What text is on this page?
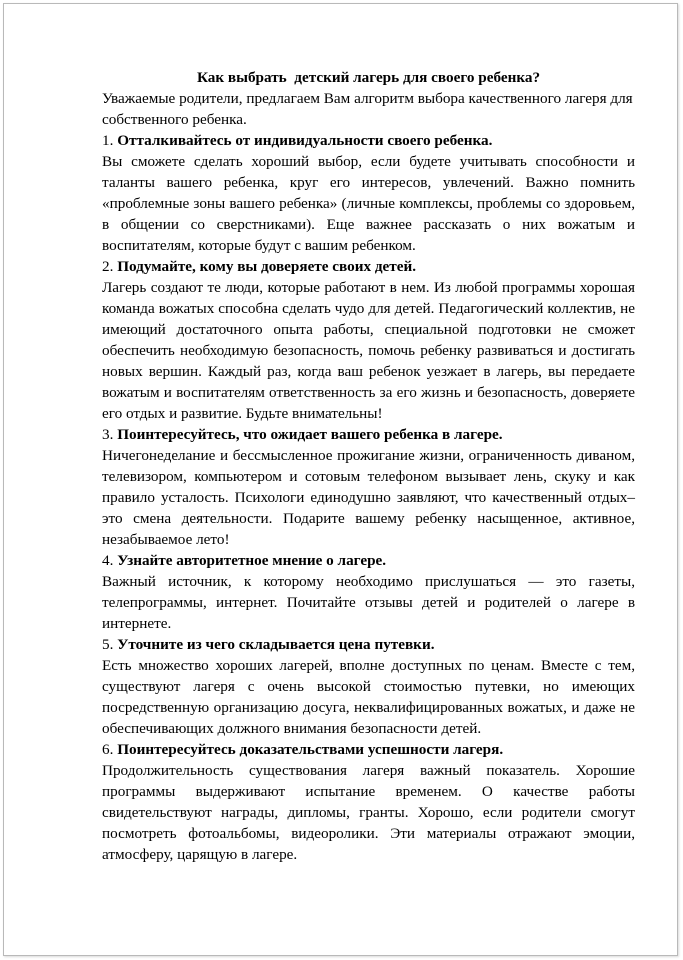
Как выбрать  детский лагерь для своего ребенка?

Уважаемые родители, предлагаем Вам алгоритм выбора качественного лагеря для собственного ребенка.

1. Отталкивайтесь от индивидуальности своего ребенка.

Вы сможете сделать хороший выбор, если будете учитывать способности и таланты вашего ребенка, круг его интересов, увлечений. Важно помнить «проблемные зоны вашего ребенка» (личные комплексы, проблемы со здоровьем, в общении со сверстниками). Еще важнее рассказать о них вожатым и воспитателям, которые будут с вашим ребенком.

2. Подумайте, кому вы доверяете своих детей.

Лагерь создают те люди, которые работают в нем. Из любой программы хорошая команда вожатых способна сделать чудо для детей. Педагогический коллектив, не имеющий достаточного опыта работы, специальной подготовки не сможет обеспечить необходимую безопасность, помочь ребенку развиваться и достигать новых вершин. Каждый раз, когда ваш ребенок уезжает в лагерь, вы передаете вожатым и воспитателям ответственность за его жизнь и безопасность, доверяете его отдых и развитие. Будьте внимательны!

3. Поинтересуйтесь, что ожидает вашего ребенка в лагере.

Ничегонеделание и бессмысленное прожигание жизни, ограниченность диваном, телевизором, компьютером и сотовым телефоном вызывает лень, скуку и как правило усталость. Психологи единодушно заявляют, что качественный отдых– это смена деятельности. Подарите вашему ребенку насыщенное, активное, незабываемое лето!

4. Узнайте авторитетное мнение о лагере.

Важный источник, к которому необходимо прислушаться — это газеты, телепрограммы, интернет. Почитайте отзывы детей и родителей о лагере в интернете.

5. Уточните из чего складывается цена путевки.

Есть множество хороших лагерей, вполне доступных по ценам. Вместе с тем, существуют лагеря с очень высокой стоимостью путевки, но имеющих посредственную организацию досуга, неквалифицированных вожатых, и даже не обеспечивающих должного внимания безопасности детей.

6. Поинтересуйтесь доказательствами успешности лагеря.

Продолжительность существования лагеря важный показатель. Хорошие программы выдерживают испытание временем. О качестве работы свидетельствуют награды, дипломы, гранты. Хорошо, если родители смогут посмотреть фотоальбомы, видеоролики. Эти материалы отражают эмоции, атмосферу, царящую в лагере.
